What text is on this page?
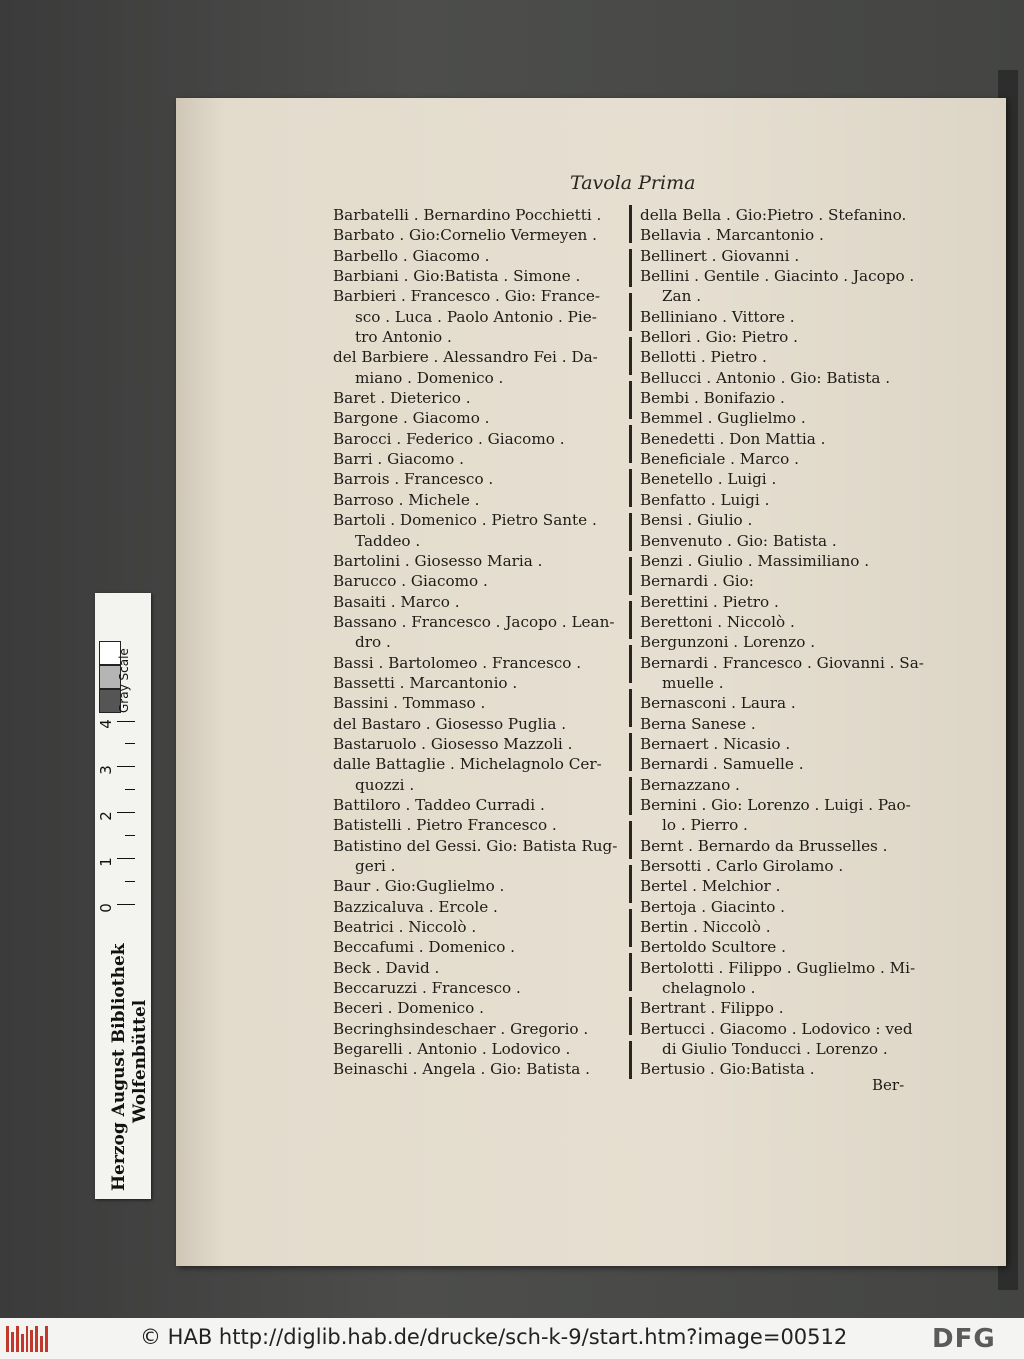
Tavola Prima
Barbatelli . Bernardino Pocchietti .
Barbato . Gio:Cornelio Vermeyen .
Barbello . Giacomo .
Barbiani . Gio:Batista . Simone .
Barbieri . Francesco . Gio: France-
sco . Luca . Paolo Antonio . Pie-
tro Antonio .
del Barbiere . Alessandro Fei . Da-
miano . Domenico .
Baret . Dieterico .
Bargone . Giacomo .
Barocci . Federico . Giacomo .
Barri . Giacomo .
Barrois . Francesco .
Barroso . Michele .
Bartoli . Domenico . Pietro Sante .
Taddeo .
Bartolini . Giosesso Maria .
Barucco . Giacomo .
Basaiti . Marco .
Bassano . Francesco . Jacopo . Lean-
dro .
Bassi . Bartolomeo . Francesco .
Bassetti . Marcantonio .
Bassini . Tommaso .
del Bastaro . Giosesso Puglia .
Bastaruolo . Giosesso Mazzoli .
dalle Battaglie . Michelagnolo Cer-
quozzi .
Battiloro . Taddeo Curradi .
Batistelli . Pietro Francesco .
Batistino del Gessi. Gio: Batista Rug-
geri .
Baur . Gio:Guglielmo .
Bazzicaluva . Ercole .
Beatrici . Niccolò .
Beccafumi . Domenico .
Beck . David .
Beccaruzzi . Francesco .
Beceri . Domenico .
Becringhsindeschaer . Gregorio .
Begarelli . Antonio . Lodovico .
Beinaschi . Angela . Gio: Batista .
della Bella . Gio:Pietro . Stefanino.
Bellavia . Marcantonio .
Bellinert . Giovanni .
Bellini . Gentile . Giacinto . Jacopo .
Zan .
Belliniano . Vittore .
Bellori . Gio: Pietro .
Bellotti . Pietro .
Bellucci . Antonio . Gio: Batista .
Bembi . Bonifazio .
Bemmel . Guglielmo .
Benedetti . Don Mattia .
Beneficiale . Marco .
Benetello . Luigi .
Benfatto . Luigi .
Bensi . Giulio .
Benvenuto . Gio: Batista .
Benzi . Giulio . Massimiliano .
Bernardi . Gio:
Berettini . Pietro .
Berettoni . Niccolò .
Bergunzoni . Lorenzo .
Bernardi . Francesco . Giovanni . Sa-
muelle .
Bernasconi . Laura .
Berna Sanese .
Bernaert . Nicasio .
Bernardi . Samuelle .
Bernazzano .
Bernini . Gio: Lorenzo . Luigi . Pao-
lo . Pierro .
Bernt . Bernardo da Brusselles .
Bersotti . Carlo Girolamo .
Bertel . Melchior .
Bertoja . Giacinto .
Bertin . Niccolò .
Bertoldo Scultore .
Bertolotti . Filippo . Guglielmo . Mi-
chelagnolo .
Bertrant . Filippo .
Bertucci . Giacomo . Lodovico : ved
di Giulio Tonducci . Lorenzo .
Bertusio . Gio:Batista .
Ber-
Gray Scale
4
3
2
1
0
Herzog August Bibliothek Wolfenbüttel
© HAB http://diglib.hab.de/drucke/sch-k-9/start.htm?image=00512	DFG
